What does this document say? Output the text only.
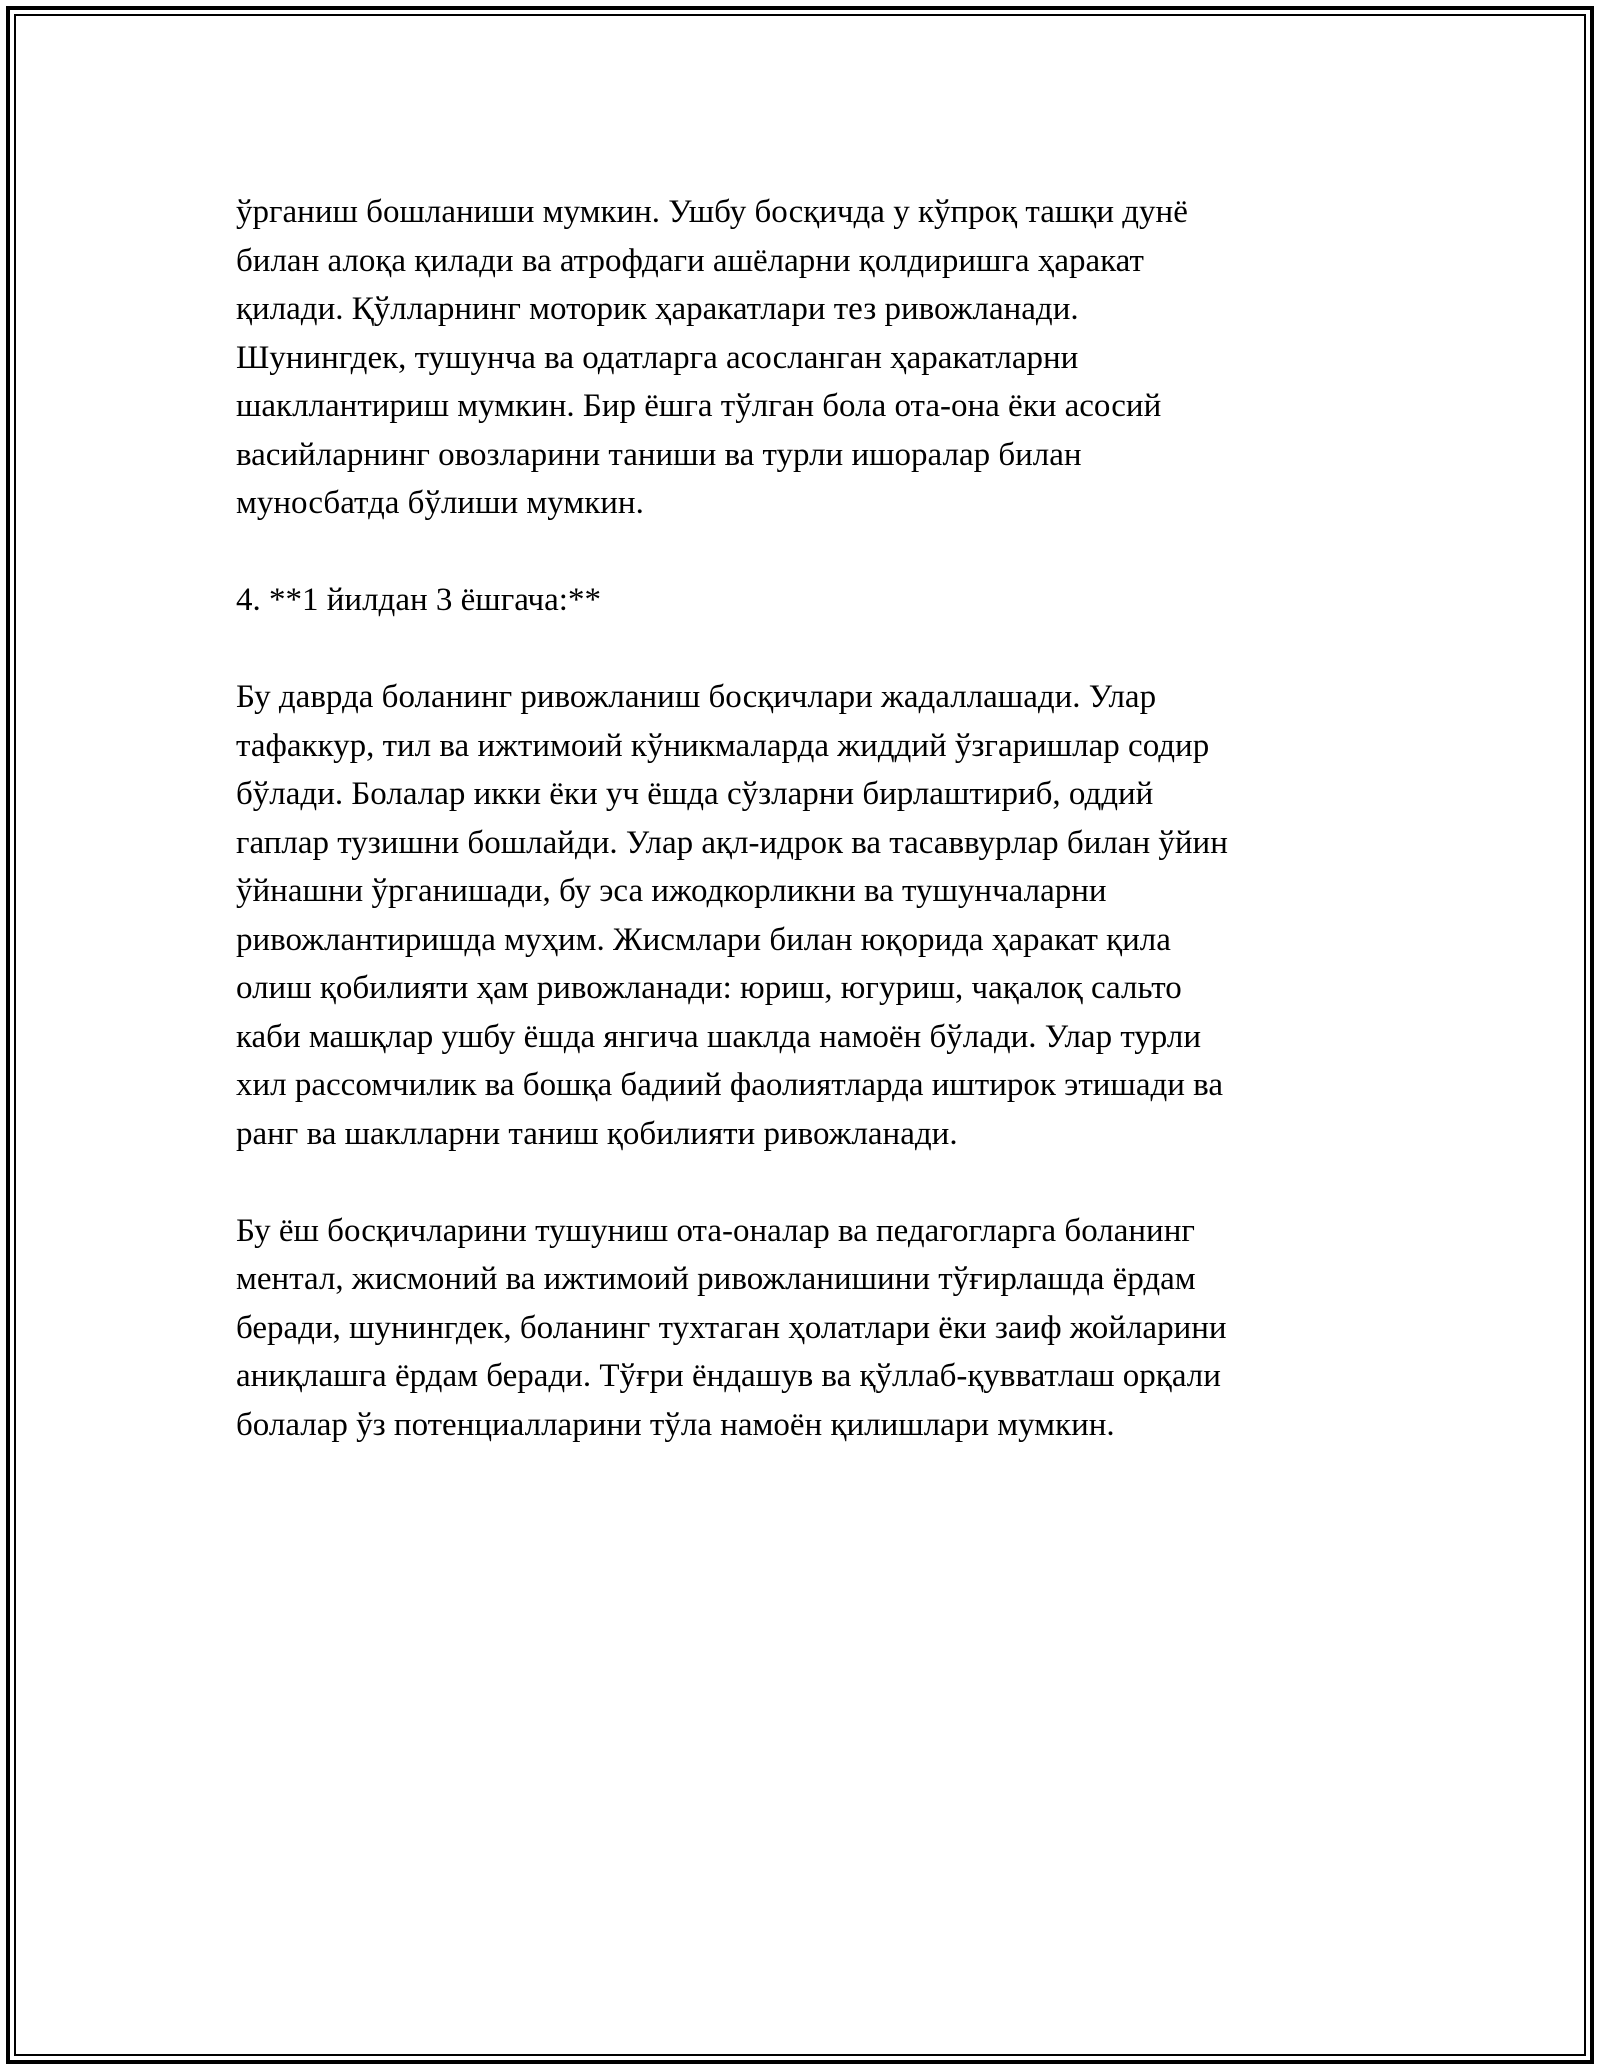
ўрганиш бошланиши мумкин. Ушбу босқичда у кўпроқ ташқи дунё
билан алоқа қилади ва атрофдаги ашёларни қолдиришга ҳаракат
қилади. Қўлларнинг моторик ҳаракатлари тез ривожланади.
Шунингдек, тушунча ва одатларга асосланган ҳаракатларни
шакллантириш мумкин. Бир ёшга тўлган бола ота-она ёки асосий
васийларнинг овозларини таниши ва турли ишоралар билан
муносбатда бўлиши мумкин.

4. **1 йилдан 3 ёшгача:**

Бу даврда боланинг ривожланиш босқичлари жадаллашади. Улар
тафаккур, тил ва ижтимоий кўникмаларда жиддий ўзгаришлар содир
бўлади. Болалар икки ёки уч ёшда сўзларни бирлаштириб, оддий
гаплар тузишни бошлайди. Улар ақл-идрок ва тасаввурлар билан ўйин
ўйнашни ўрганишади, бу эса ижодкорликни ва тушунчаларни
ривожлантиришда муҳим. Жисмлари билан юқорида ҳаракат қила
олиш қобилияти ҳам ривожланади: юриш, югуриш, чақалоқ сальто
каби машқлар ушбу ёшда янгича шаклда намоён бўлади. Улар турли
хил рассомчилик ва бошқа бадиий фаолиятларда иштирок этишади ва
ранг ва шаклларни таниш қобилияти ривожланади.

Бу ёш босқичларини тушуниш ота-оналар ва педагогларга боланинг
ментал, жисмоний ва ижтимоий ривожланишини тўғирлашда ёрдам
беради, шунингдек, боланинг тухтаган ҳолатлари ёки заиф жойларини
аниқлашга ёрдам беради. Тўғри ёндашув ва қўллаб-қувватлаш орқали
болалар ўз потенциалларини тўла намоён қилишлари мумкин.
